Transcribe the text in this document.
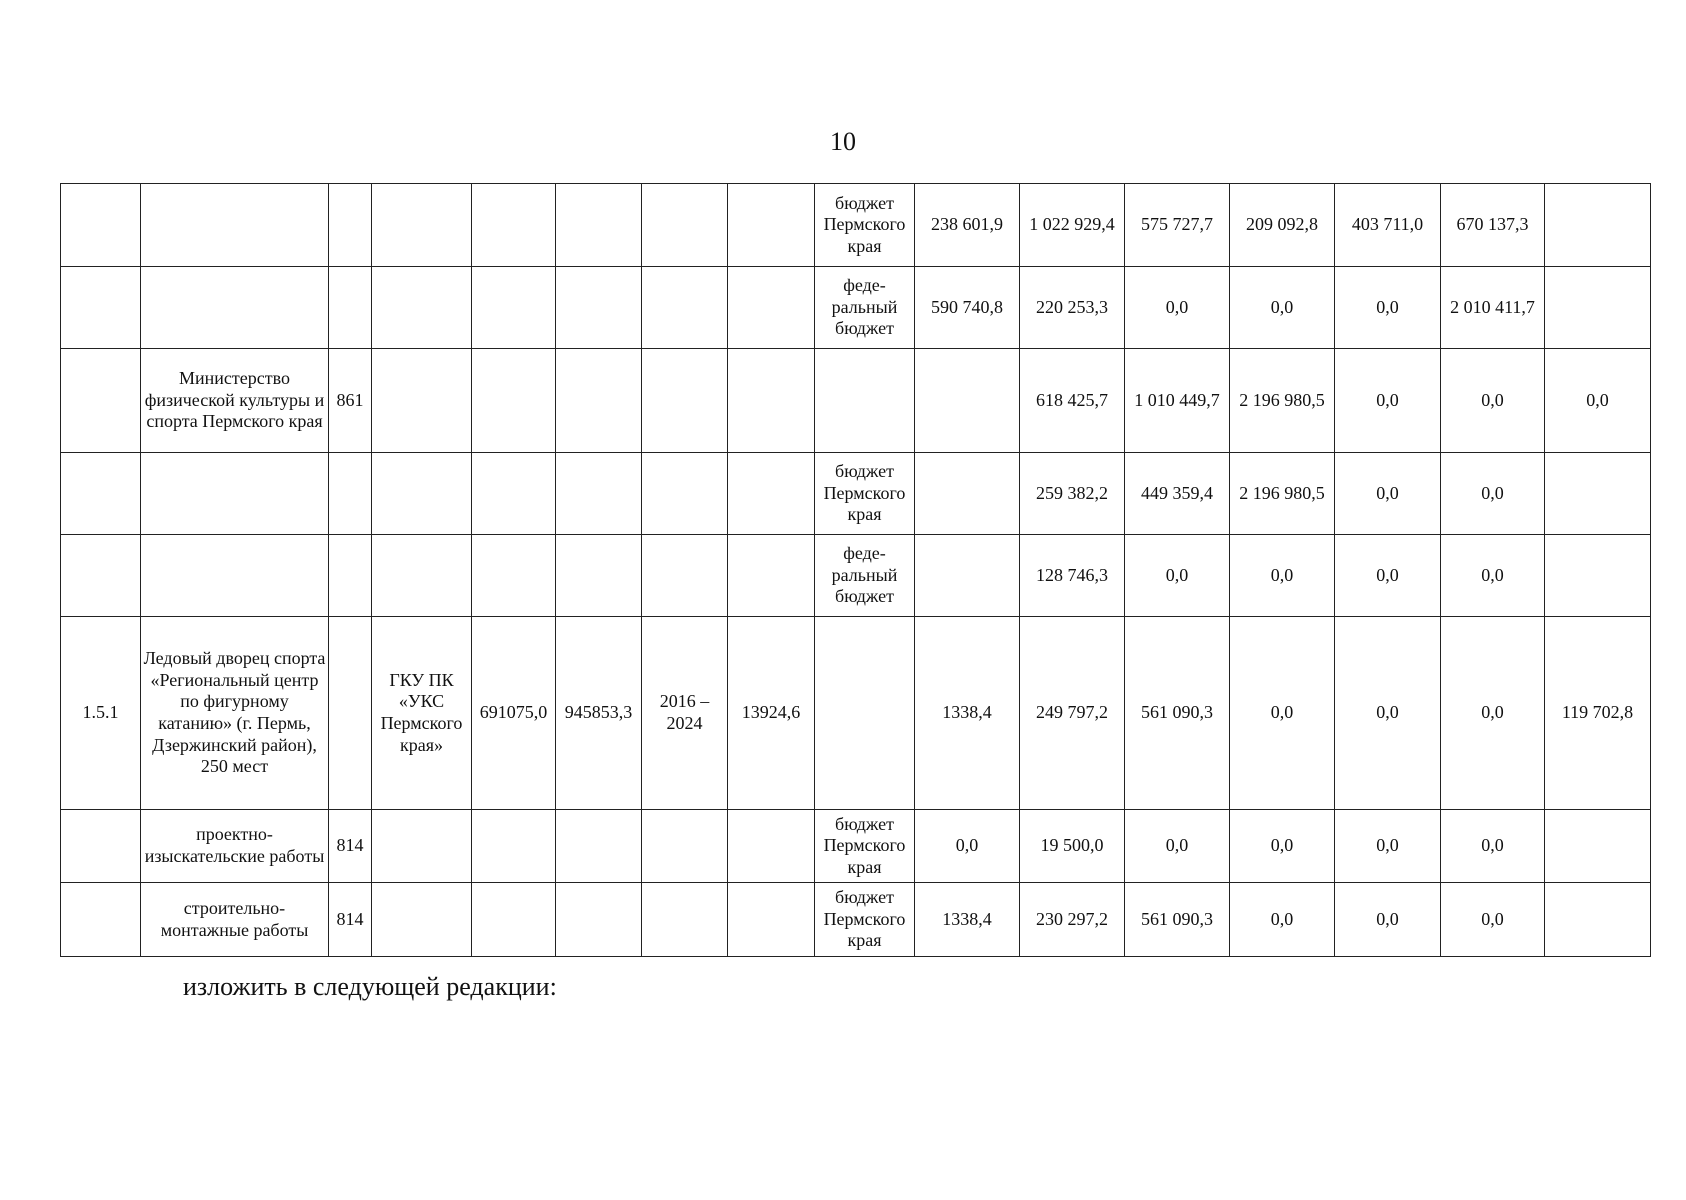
10
								бюджет Пермского края	238 601,9	1 022 929,4	575 727,7	209 092,8	403 711,0	670 137,3	
								феде-ральный бюджет	590 740,8	220 253,3	0,0	0,0	0,0	2 010 411,7	
	Министерство физической культуры и спорта Пермского края	861								618 425,7	1 010 449,7	2 196 980,5	0,0	0,0	0,0
								бюджет Пермского края		259 382,2	449 359,4	2 196 980,5	0,0	0,0	
								феде-ральный бюджет		128 746,3	0,0	0,0	0,0	0,0	
1.5.1	Ледовый дворец спорта «Региональный центр по фигурному катанию» (г. Пермь, Дзержинский район), 250 мест		ГКУ ПК «УКС Пермского края»	691075,0	945853,3	2016 – 2024	13924,6		1338,4	249 797,2	561 090,3	0,0	0,0	0,0	119 702,8
	проектно-изыскательские работы	814						бюджет Пермского края	0,0	19 500,0	0,0	0,0	0,0	0,0	
	строительно-монтажные работы	814						бюджет Пермского края	1338,4	230 297,2	561 090,3	0,0	0,0	0,0	
изложить в следующей редакции:
